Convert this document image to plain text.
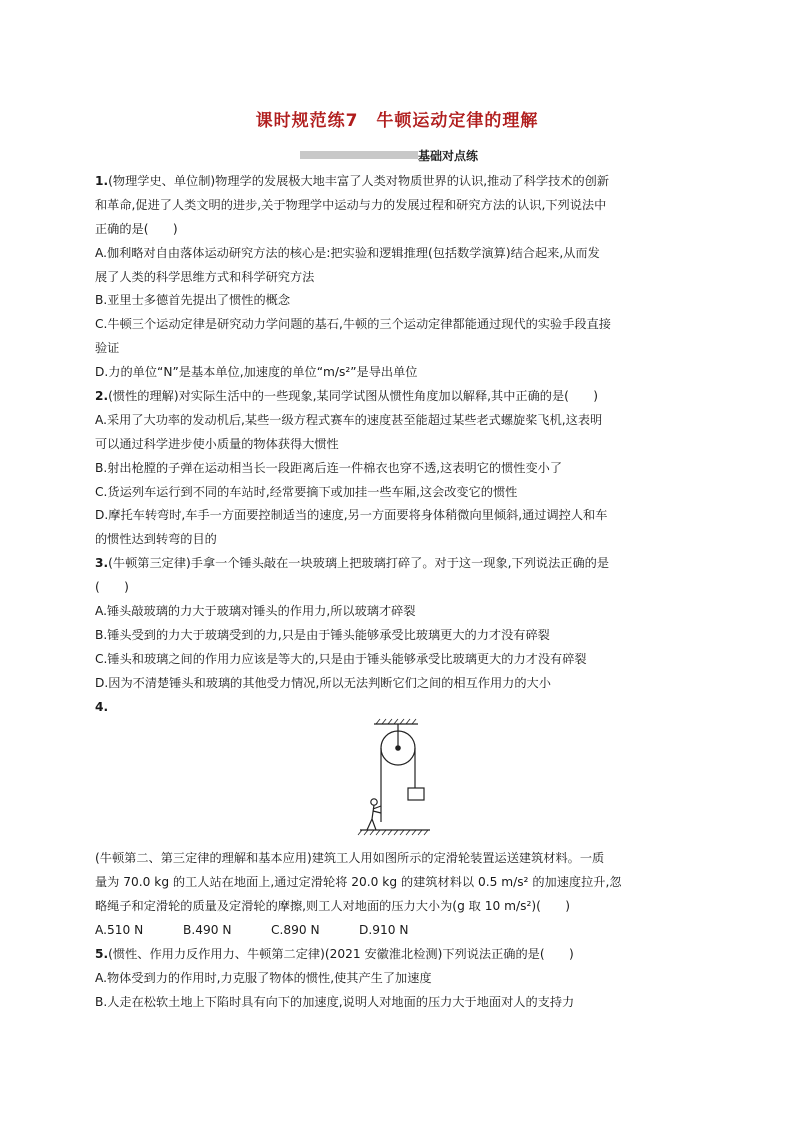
课时规范练7　牛顿运动定律的理解
基础对点练
1.(物理学史、单位制)物理学的发展极大地丰富了人类对物质世界的认识,推动了科学技术的创新
和革命,促进了人类文明的进步,关于物理学中运动与力的发展过程和研究方法的认识,下列说法中
正确的是(　　)
A.伽利略对自由落体运动研究方法的核心是:把实验和逻辑推理(包括数学演算)结合起来,从而发
展了人类的科学思维方式和科学研究方法
B.亚里士多德首先提出了惯性的概念
C.牛顿三个运动定律是研究动力学问题的基石,牛顿的三个运动定律都能通过现代的实验手段直接
验证
D.力的单位“N”是基本单位,加速度的单位“m/s²”是导出单位
2.(惯性的理解)对实际生活中的一些现象,某同学试图从惯性角度加以解释,其中正确的是(　　)
A.采用了大功率的发动机后,某些一级方程式赛车的速度甚至能超过某些老式螺旋桨飞机,这表明
可以通过科学进步使小质量的物体获得大惯性
B.射出枪膛的子弹在运动相当长一段距离后连一件棉衣也穿不透,这表明它的惯性变小了
C.货运列车运行到不同的车站时,经常要摘下或加挂一些车厢,这会改变它的惯性
D.摩托车转弯时,车手一方面要控制适当的速度,另一方面要将身体稍微向里倾斜,通过调控人和车
的惯性达到转弯的目的
3.(牛顿第三定律)手拿一个锤头敲在一块玻璃上把玻璃打碎了。对于这一现象,下列说法正确的是
(　　)
A.锤头敲玻璃的力大于玻璃对锤头的作用力,所以玻璃才碎裂
B.锤头受到的力大于玻璃受到的力,只是由于锤头能够承受比玻璃更大的力才没有碎裂
C.锤头和玻璃之间的作用力应该是等大的,只是由于锤头能够承受比玻璃更大的力才没有碎裂
D.因为不清楚锤头和玻璃的其他受力情况,所以无法判断它们之间的相互作用力的大小
4.
(牛顿第二、第三定律的理解和基本应用)建筑工人用如图所示的定滑轮装置运送建筑材料。一质
量为 70.0 kg 的工人站在地面上,通过定滑轮将 20.0 kg 的建筑材料以 0.5 m/s² 的加速度拉升,忽
略绳子和定滑轮的质量及定滑轮的摩擦,则工人对地面的压力大小为(g 取 10 m/s²)(　　)
A.510 N	B.490 N	C.890 N	D.910 N
5.(惯性、作用力反作用力、牛顿第二定律)(2021 安徽淮北检测)下列说法正确的是(　　)
A.物体受到力的作用时,力克服了物体的惯性,使其产生了加速度
B.人走在松软土地上下陷时具有向下的加速度,说明人对地面的压力大于地面对人的支持力
